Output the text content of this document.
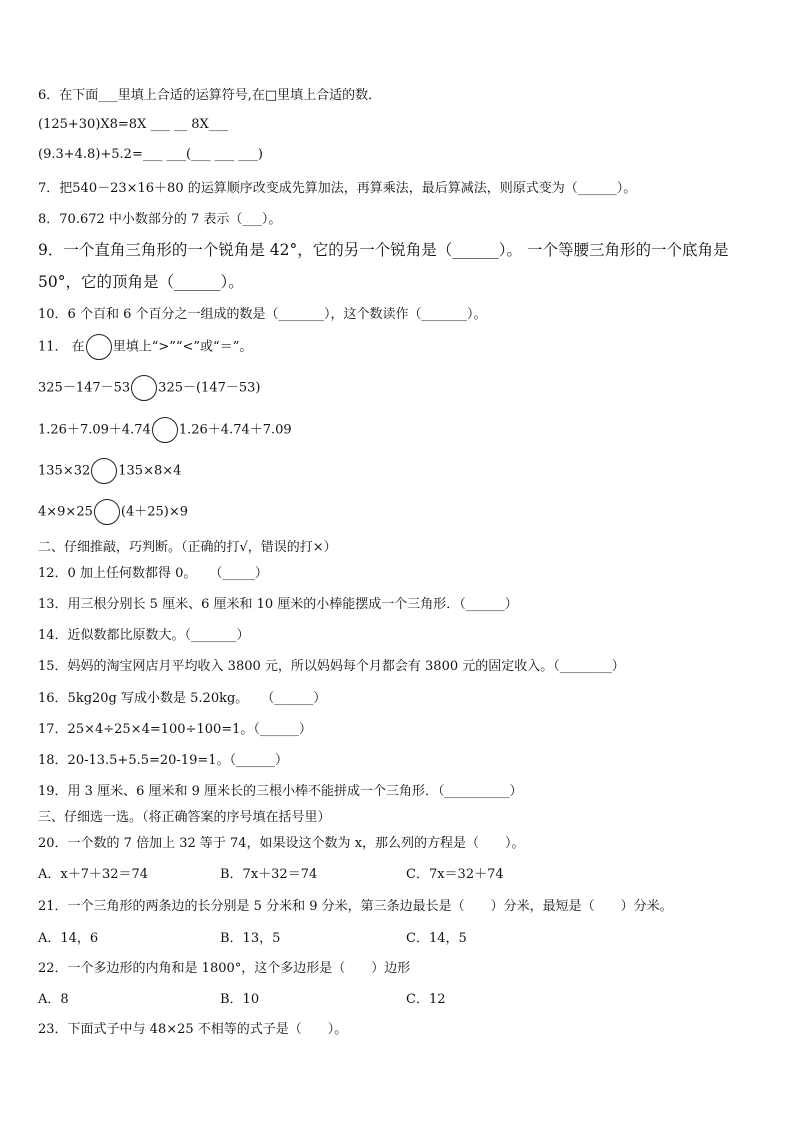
6．在下面___里填上合适的运算符号,在□里填上合适的数．
(125+30)X8=8X ___ __ 8X___
(9.3+4.8)+5.2=___ ___(___ ___ ___)
7．把540－23×16＋80 的运算顺序改变成先算加法，再算乘法，最后算减法，则原式变为（______）。
8．70.672 中小数部分的 7 表示（___）。
9．一个直角三角形的一个锐角是 42°，它的另一个锐角是（______）。 一个等腰三角形的一个底角是
50°，它的顶角是（______）。
10．6 个百和 6 个百分之一组成的数是（_______），这个数读作（_______）。
11． 在 里填上“>”“<”或“＝”。
325－147－53 325－(147－53)
1.26＋7.09＋4.74 1.26＋4.74＋7.09
135×32 135×8×4
4×9×25 (4＋25)×9
二、仔细推敲，巧判断。（正确的打√，错误的打×）
12．0 加上任何数都得 0。　　（_____）
13．用三根分别长 5 厘米、6 厘米和 10 厘米的小棒能摆成一个三角形．（______）
14．近似数都比原数大。（_______）
15．妈妈的淘宝网店月平均收入 3800 元，所以妈妈每个月都会有 3800 元的固定收入。（________）
16．5kg20g 写成小数是 5.20kg。　　（______）
17．25×4÷25×4=100÷100=1。（______）
18．20-13.5+5.5=20-19=1。（______）
19．用 3 厘米、6 厘米和 9 厘米长的三根小棒不能拼成一个三角形．（__________）
三、仔细选一选。（将正确答案的序号填在括号里）
20．一个数的 7 倍加上 32 等于 74，如果设这个数为 x，那么列的方程是（　　）。
A．x＋7＋32＝74	B．7x＋32＝74	C．7x＝32＋74
21．一个三角形的两条边的长分别是 5 分米和 9 分米，第三条边最长是（　　）分米，最短是（　　）分米。
A．14，6	B．13，5	C．14，5
22．一个多边形的内角和是 1800°，这个多边形是（　　）边形
A．8	B．10	C．12
23．下面式子中与 48×25 不相等的式子是（　　）。
